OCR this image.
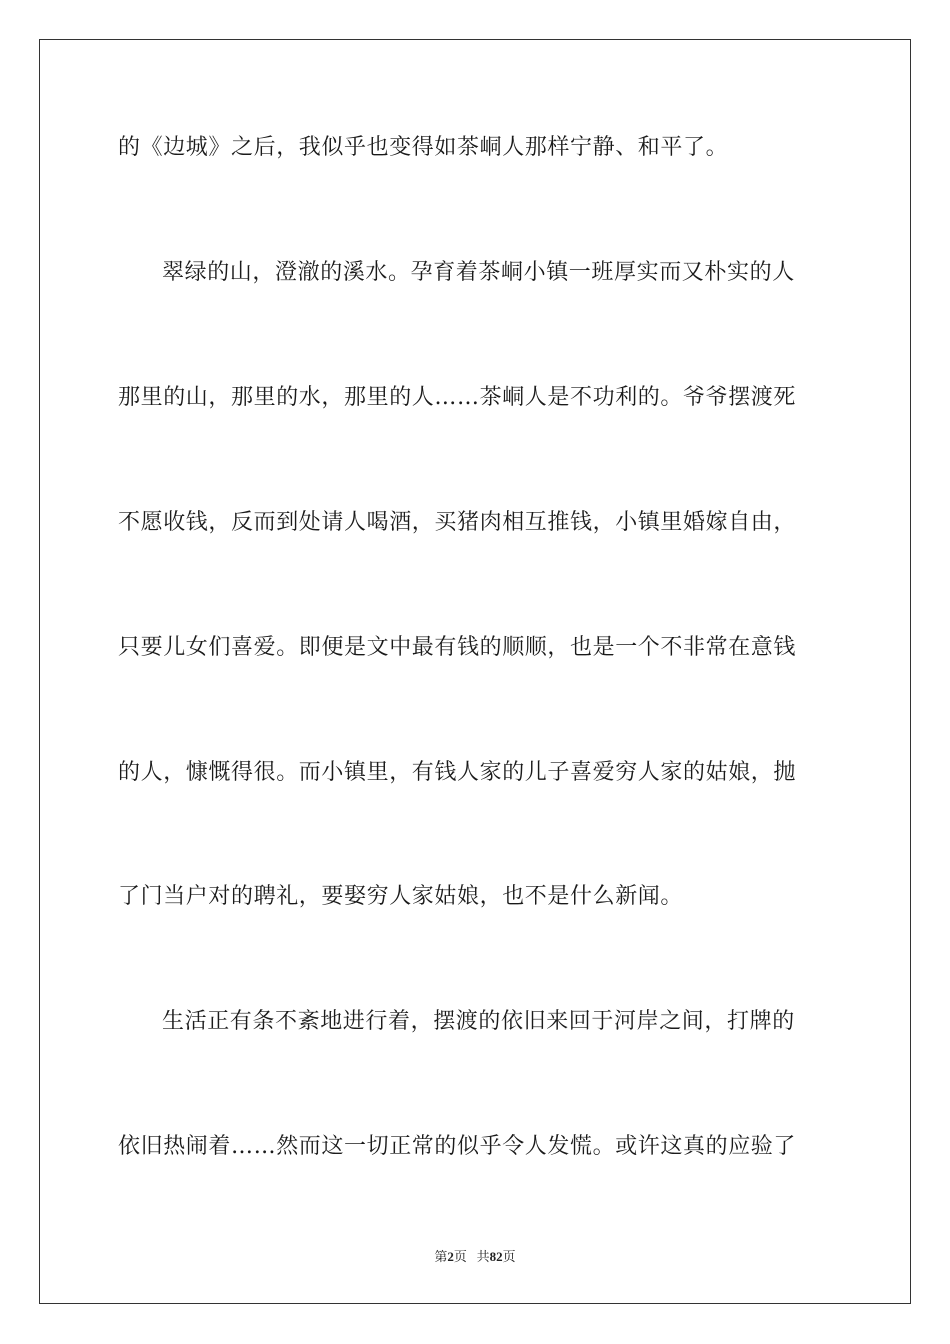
的《边城》之后，我似乎也变得如茶峒人那样宁静、和平了。
翠绿的山，澄澈的溪水。孕育着茶峒小镇一班厚实而又朴实的人
那里的山，那里的水，那里的人……茶峒人是不功利的。爷爷摆渡死
不愿收钱，反而到处请人喝酒，买猪肉相互推钱，小镇里婚嫁自由，
只要儿女们喜爱。即便是文中最有钱的顺顺，也是一个不非常在意钱
的人，慷慨得很。而小镇里，有钱人家的儿子喜爱穷人家的姑娘，抛
了门当户对的聘礼，要娶穷人家姑娘，也不是什么新闻。
生活正有条不紊地进行着，摆渡的依旧来回于河岸之间，打牌的
依旧热闹着……然而这一切正常的似乎令人发慌。或许这真的应验了
第2页 共82页
